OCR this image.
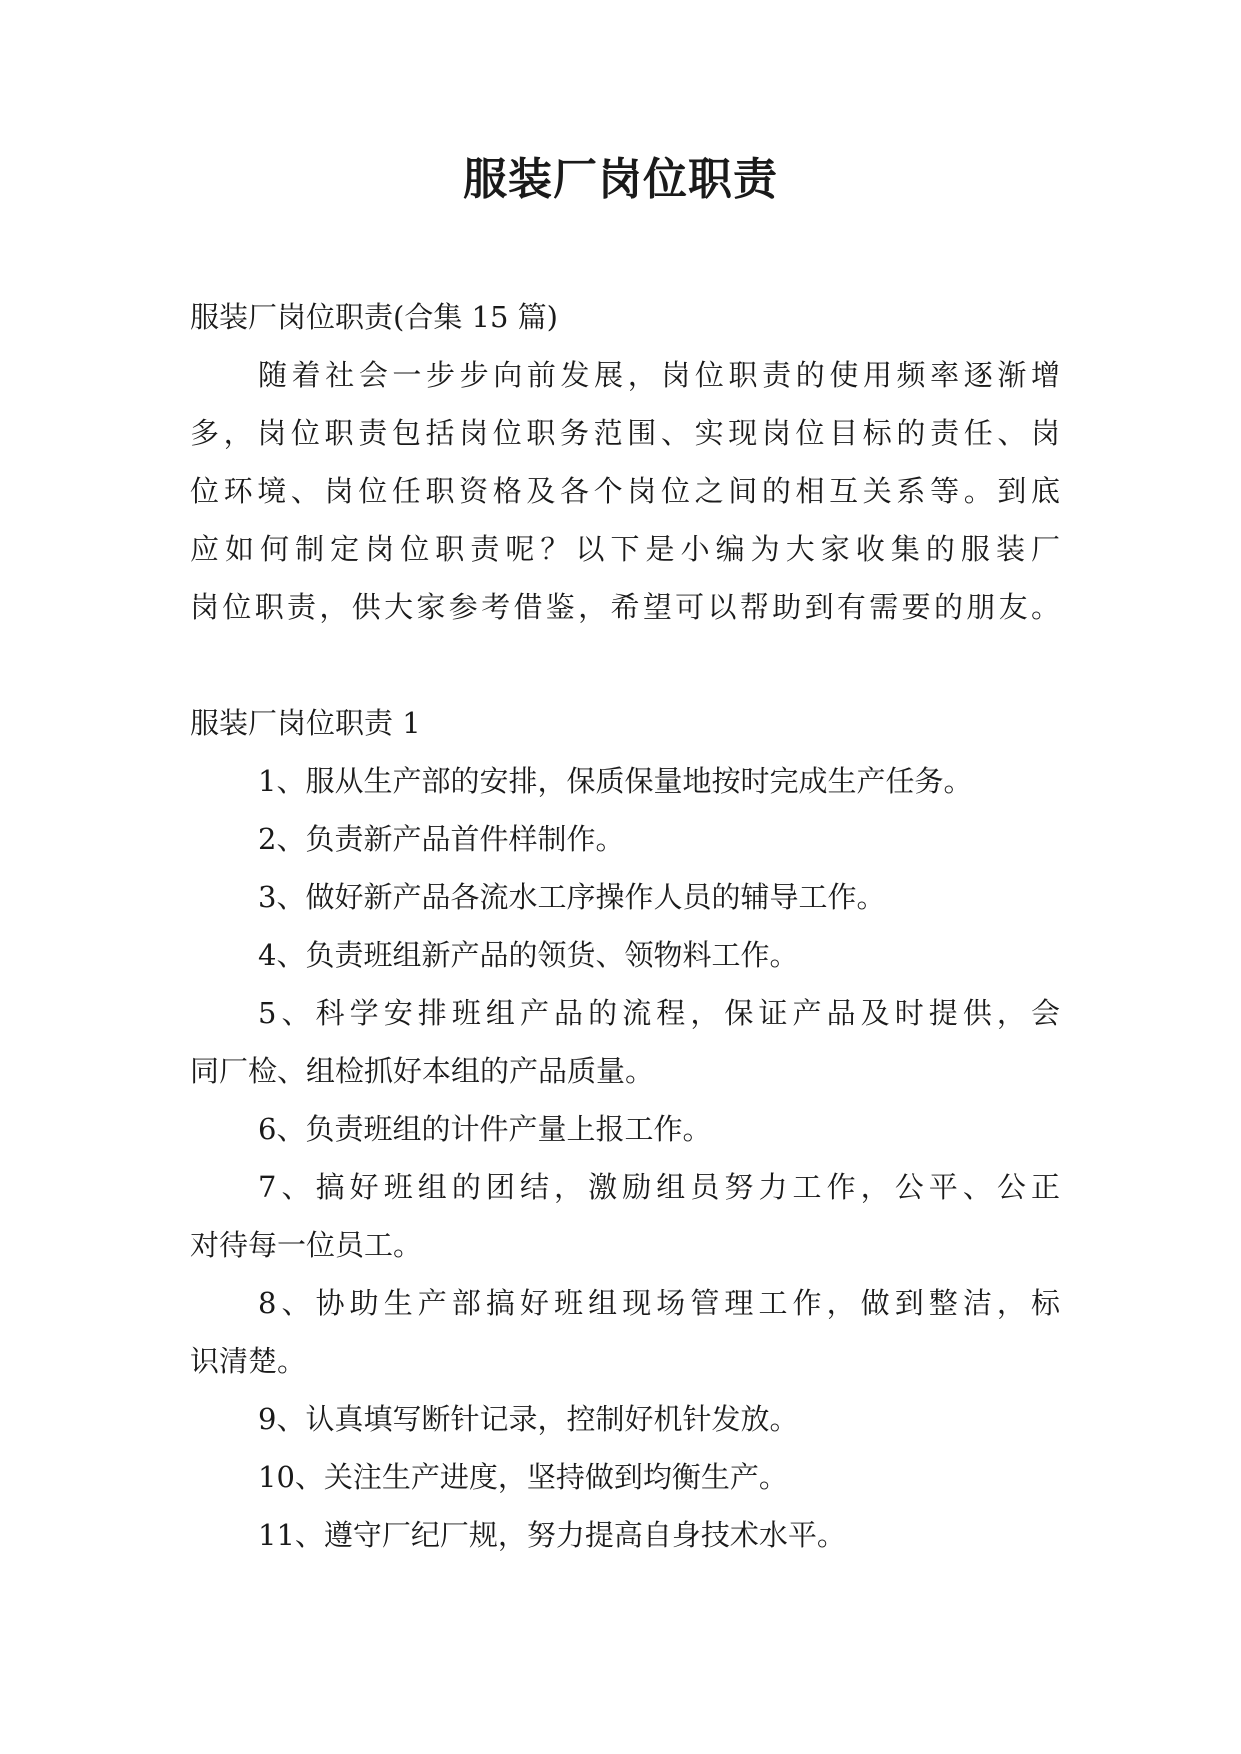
服装厂岗位职责
服装厂岗位职责(合集 15 篇)
随着社会一步步向前发展，岗位职责的使用频率逐渐增
多，岗位职责包括岗位职务范围、实现岗位目标的责任、岗
位环境、岗位任职资格及各个岗位之间的相互关系等。到底
应如何制定岗位职责呢？以下是小编为大家收集的服装厂
岗位职责，供大家参考借鉴，希望可以帮助到有需要的朋友。
服装厂岗位职责 1
1、服从生产部的安排，保质保量地按时完成生产任务。
2、负责新产品首件样制作。
3、做好新产品各流水工序操作人员的辅导工作。
4、负责班组新产品的领货、领物料工作。
5、科学安排班组产品的流程，保证产品及时提供，会
同厂检、组检抓好本组的产品质量。
6、负责班组的计件产量上报工作。
7、搞好班组的团结，激励组员努力工作，公平、公正
对待每一位员工。
8、协助生产部搞好班组现场管理工作，做到整洁，标
识清楚。
9、认真填写断针记录，控制好机针发放。
10、关注生产进度，坚持做到均衡生产。
11、遵守厂纪厂规，努力提高自身技术水平。
